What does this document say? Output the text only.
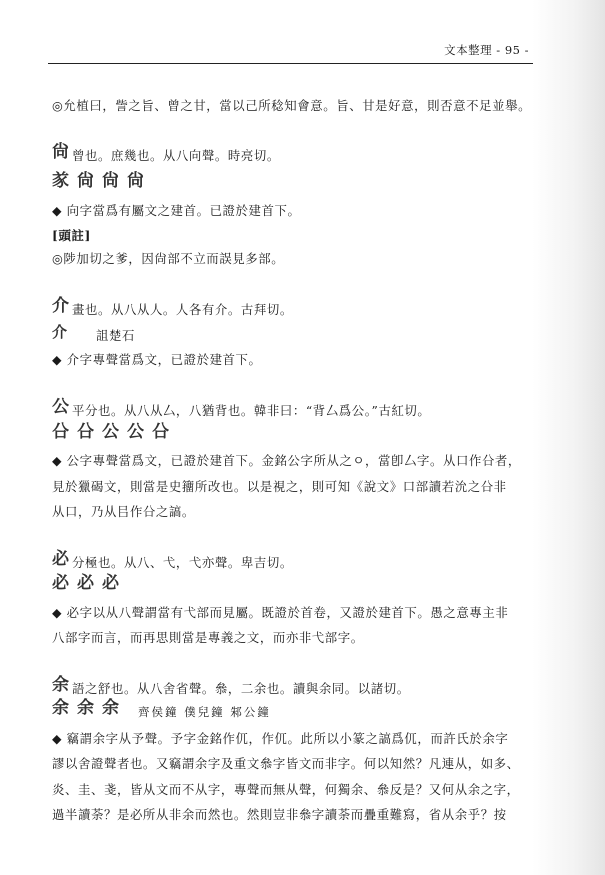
文本整理 - 95 -
◎允植曰，訾之旨、曾之甘，當以己所稔知會意。旨、甘是好意，則否意不足並舉。
曾也。庶幾也。从八向聲。時亮切。
◆ 向字當爲有屬文之建首。已證於建首下。
[頭註]
◎陟加切之爹，因尙部不立而誤見多部。
畫也。从八从人。人各有介。古拜切。
詛楚石
◆ 介字專聲當爲文，已證於建首下。
平分也。从八从厶，八猶背也。韓非曰：“背厶爲公。”古紅切。
◆ 公字專聲當爲文，已證於建首下。金銘公字所从之ㅇ，當卽厶字。从口作㕣者，
見於獵碣文，則當是史籒所改也。以是視之，則可知《說文》口部讀若沇之㕣非
从口，乃从㠯作㕣之謞。
分極也。从八、弋，弋亦聲。卑吉切。
◆ 必字以从八聲謂當有弋部而見屬。既證於首卷，又證於建首下。愚之意專主非
八部字而言，而再思則當是專義之文，而亦非弋部字。
語之舒也。从八舍省聲。叅，二余也。讀與余同。以諸切。
◆ 竊謂余字从予聲。予字金銘作㐳，作㐳。此所以小篆之謞爲㐳，而許氏於余字
謬以舍證聲者也。又竊謂余字及重文叅字皆文而非字。何以知然？凡連从，如多、
炎、圭、戔，皆从文而不从字，專聲而無从聲，何獨余、叅反是？又何从余之字，
過半讀荼？是必所从非余而然也。然則豈非叅字讀荼而疊重難寫，省从余乎？按
尙
㒸尙尙尙
介
介
公
㕣㕣公公㕣
必
必必必
余
余余余 齊侯鐘 僕兒鐘 邾公鐘
